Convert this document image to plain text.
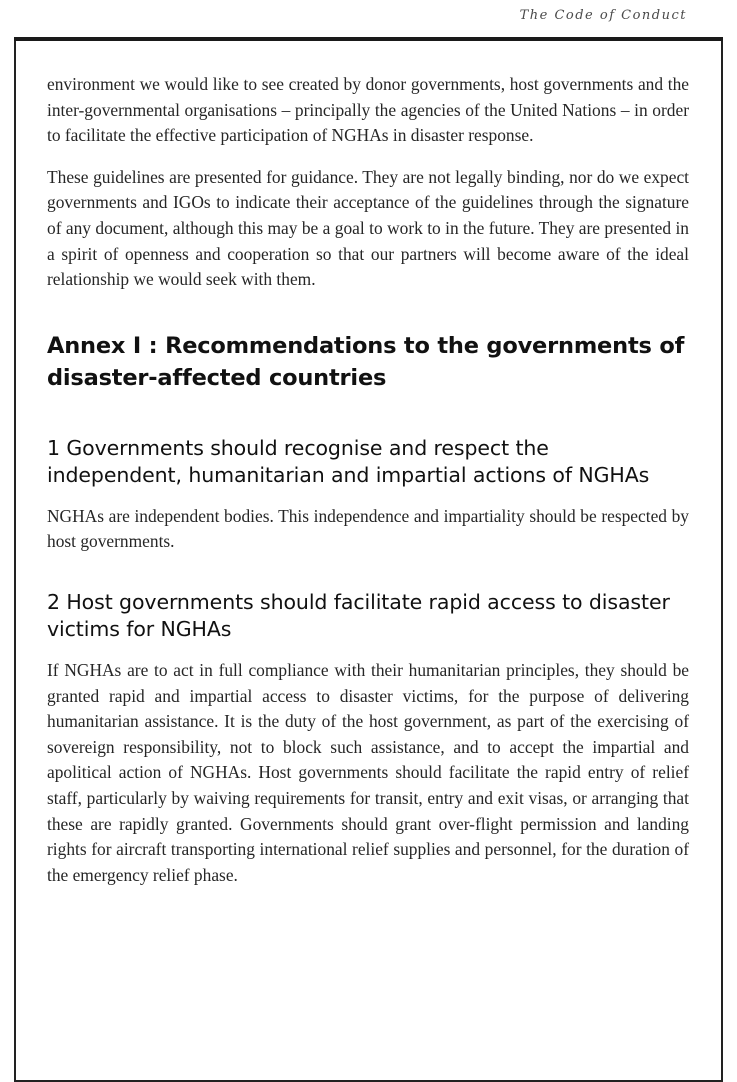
The Code of Conduct

environment we would like to see created by donor governments, host governments and the inter-governmental organisations – principally the agencies of the United Nations – in order to facilitate the effective participation of NGHAs in disaster response.

These guidelines are presented for guidance. They are not legally binding, nor do we expect governments and IGOs to indicate their acceptance of the guidelines through the signature of any document, although this may be a goal to work to in the future. They are presented in a spirit of openness and cooperation so that our partners will become aware of the ideal relationship we would seek with them.

Annex I : Recommendations to the governments of disaster-affected countries
1 Governments should recognise and respect the independent, humanitarian and impartial actions of NGHAs

NGHAs are independent bodies. This independence and impartiality should be respected by host governments.

2 Host governments should facilitate rapid access to disaster victims for NGHAs

If NGHAs are to act in full compliance with their humanitarian principles, they should be granted rapid and impartial access to disaster victims, for the purpose of delivering humanitarian assistance. It is the duty of the host government, as part of the exercising of sovereign responsibility, not to block such assistance, and to accept the impartial and apolitical action of NGHAs. Host governments should facilitate the rapid entry of relief staff, particularly by waiving requirements for transit, entry and exit visas, or arranging that these are rapidly granted. Governments should grant over-flight permission and landing rights for aircraft transporting international relief supplies and personnel, for the duration of the emergency relief phase.
